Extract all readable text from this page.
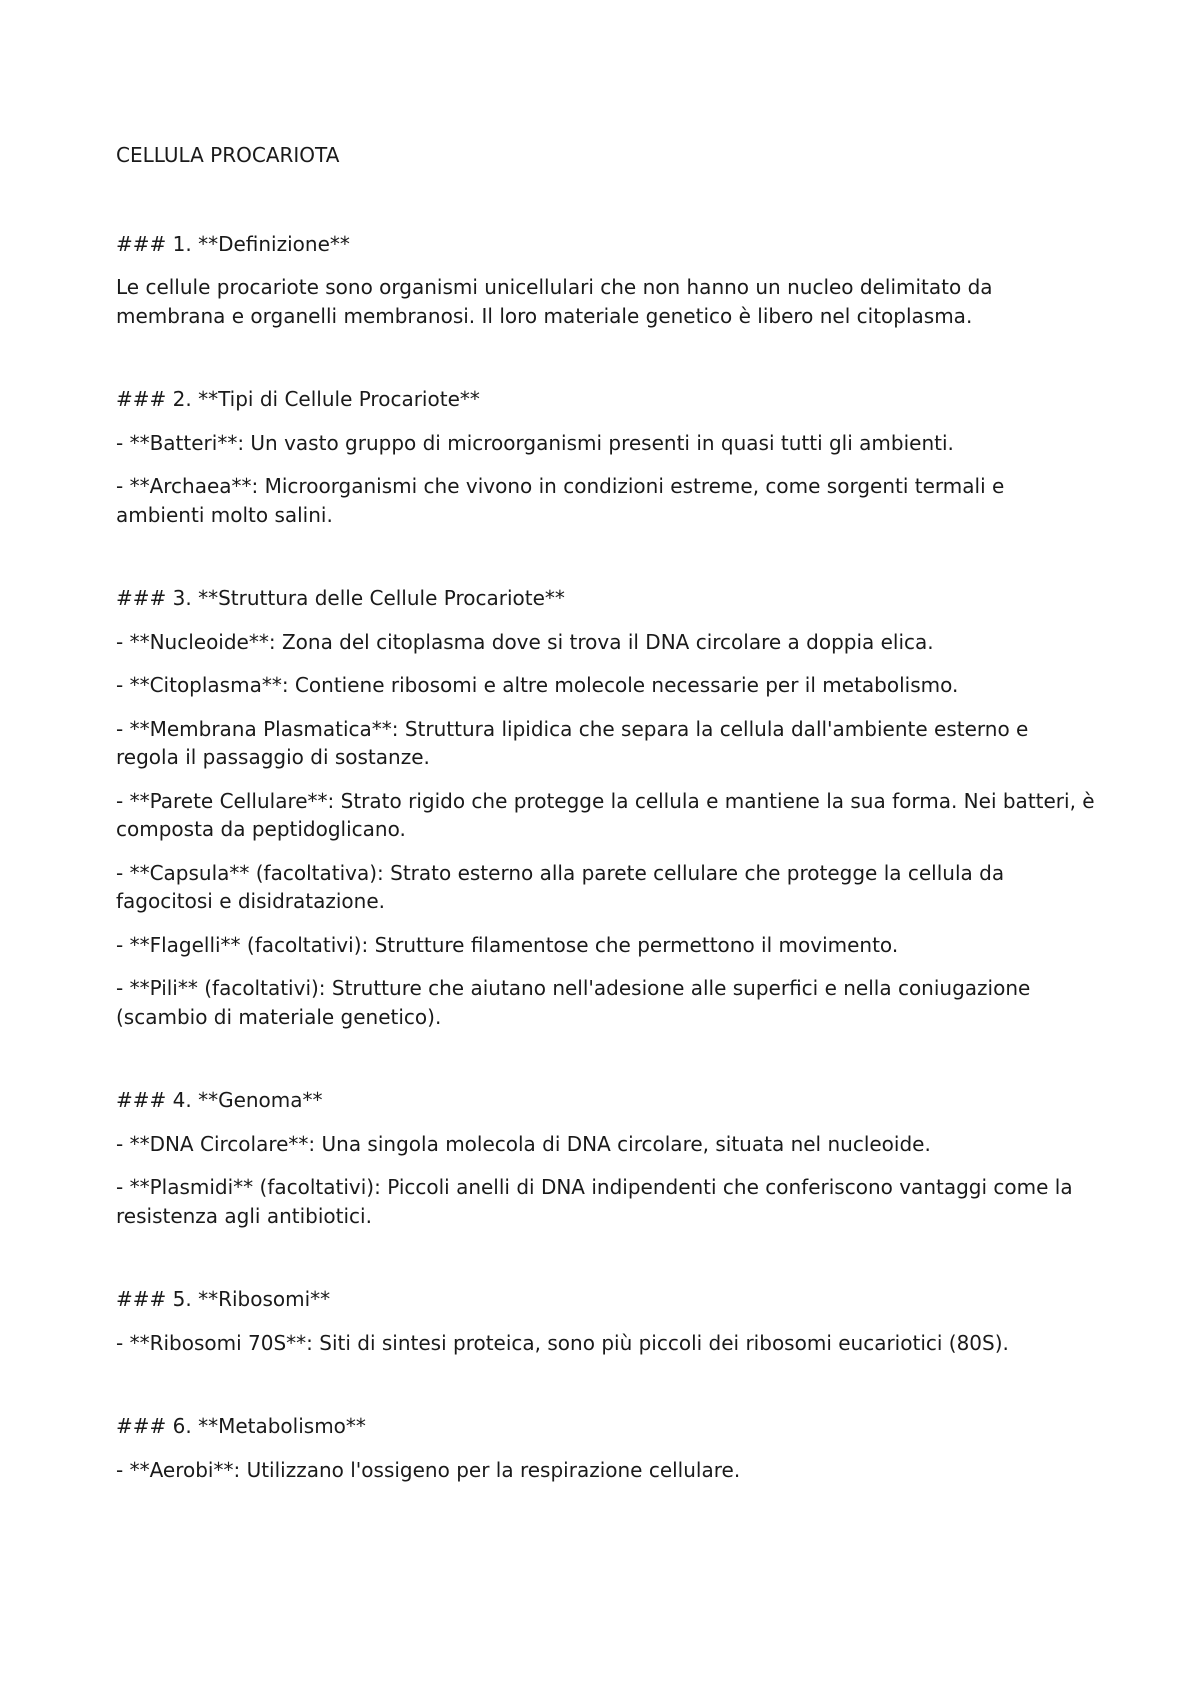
CELLULA PROCARIOTA

### 1. **Definizione**

Le cellule procariote sono organismi unicellulari che non hanno un nucleo delimitato da membrana e organelli membranosi. Il loro materiale genetico è libero nel citoplasma.

### 2. **Tipi di Cellule Procariote**

- **Batteri**: Un vasto gruppo di microorganismi presenti in quasi tutti gli ambienti.

- **Archaea**: Microorganismi che vivono in condizioni estreme, come sorgenti termali e ambienti molto salini.

### 3. **Struttura delle Cellule Procariote**

- **Nucleoide**: Zona del citoplasma dove si trova il DNA circolare a doppia elica.

- **Citoplasma**: Contiene ribosomi e altre molecole necessarie per il metabolismo.

- **Membrana Plasmatica**: Struttura lipidica che separa la cellula dall'ambiente esterno e regola il passaggio di sostanze.

- **Parete Cellulare**: Strato rigido che protegge la cellula e mantiene la sua forma. Nei batteri, è composta da peptidoglicano.

- **Capsula** (facoltativa): Strato esterno alla parete cellulare che protegge la cellula da fagocitosi e disidratazione.

- **Flagelli** (facoltativi): Strutture filamentose che permettono il movimento.

- **Pili** (facoltativi): Strutture che aiutano nell'adesione alle superfici e nella coniugazione (scambio di materiale genetico).

### 4. **Genoma**

- **DNA Circolare**: Una singola molecola di DNA circolare, situata nel nucleoide.

- **Plasmidi** (facoltativi): Piccoli anelli di DNA indipendenti che conferiscono vantaggi come la resistenza agli antibiotici.

### 5. **Ribosomi**

- **Ribosomi 70S**: Siti di sintesi proteica, sono più piccoli dei ribosomi eucariotici (80S).

### 6. **Metabolismo**

- **Aerobi**: Utilizzano l'ossigeno per la respirazione cellulare.
